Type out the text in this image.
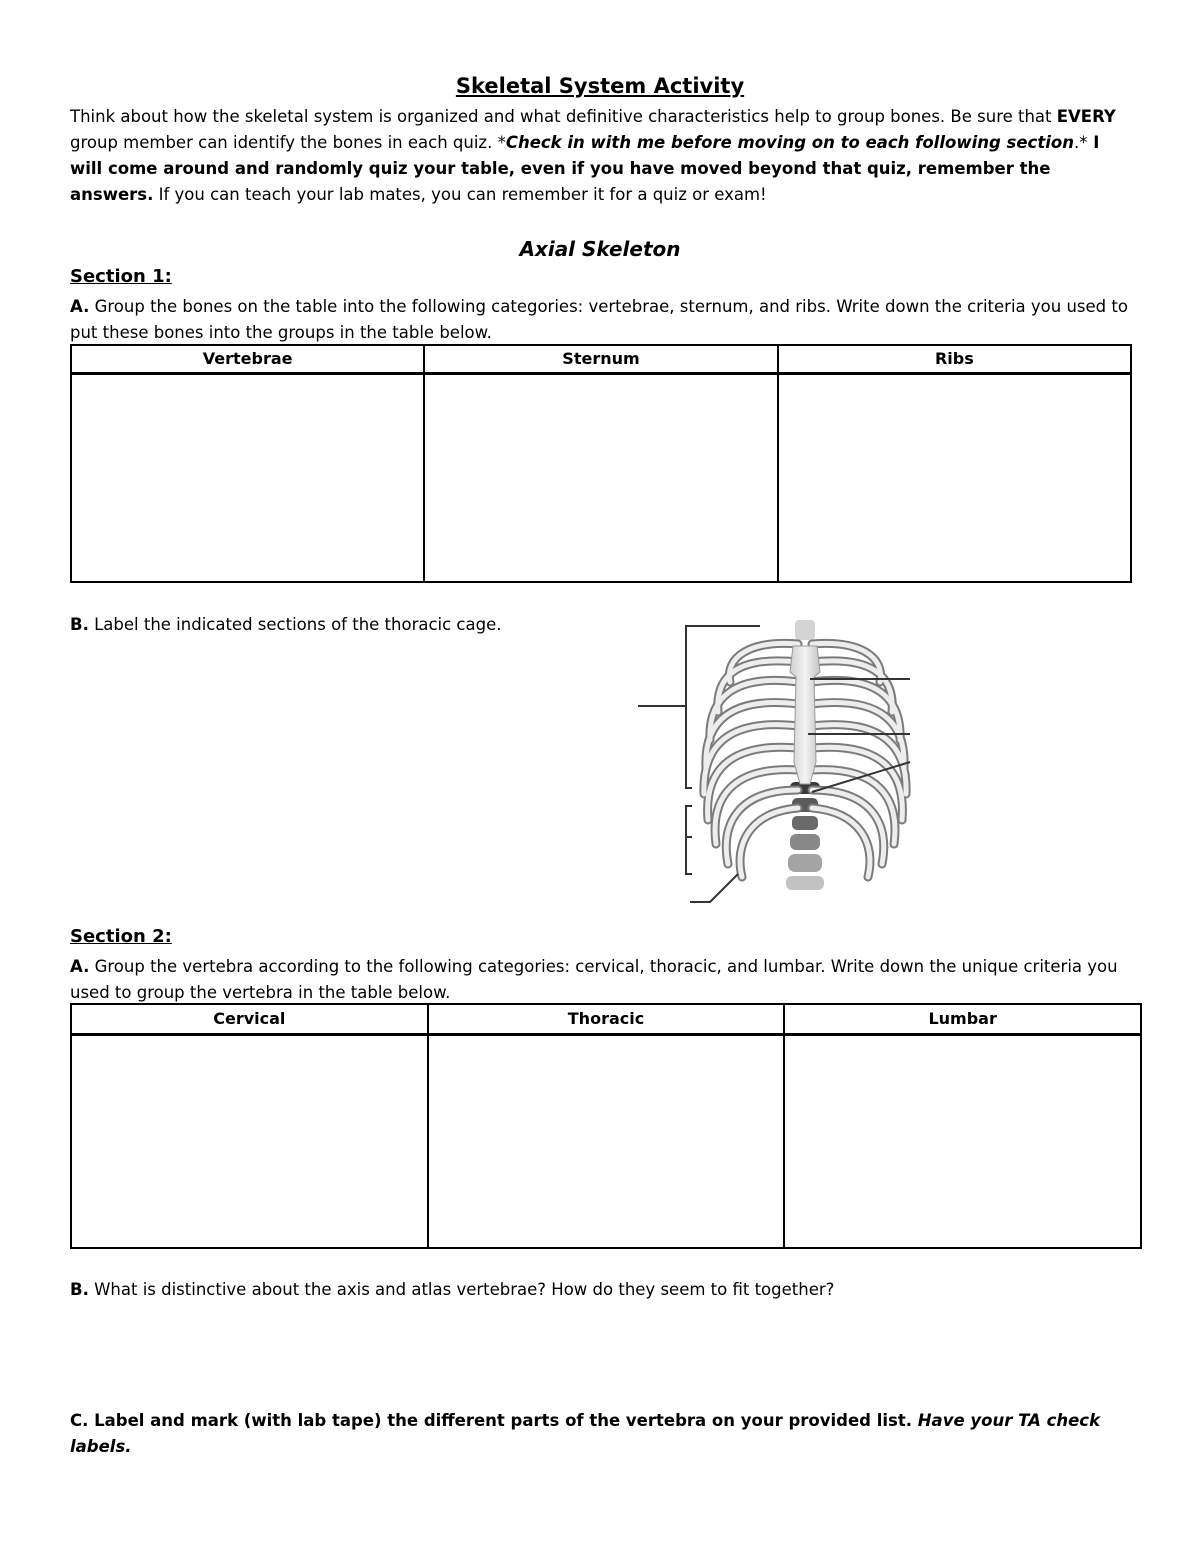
Skeletal System Activity
Think about how the skeletal system is organized and what definitive characteristics help to group bones. Be sure that EVERY group member can identify the bones in each quiz. *Check in with me before moving on to each following section.* I will come around and randomly quiz your table, even if you have moved beyond that quiz, remember the answers. If you can teach your lab mates, you can remember it for a quiz or exam!
Axial Skeleton
Section 1:
A. Group the bones on the table into the following categories: vertebrae, sternum, and ribs. Write down the criteria you used to put these bones into the groups in the table below.
Vertebrae	Sternum	Ribs

B. Label the indicated sections of the thoracic cage.
Section 2:
A. Group the vertebra according to the following categories: cervical, thoracic, and lumbar. Write down the unique criteria you used to group the vertebra in the table below.
Cervical	Thoracic	Lumbar

B. What is distinctive about the axis and atlas vertebrae? How do they seem to fit together?
C. Label and mark (with lab tape) the different parts of the vertebra on your provided list. Have your TA check labels.
